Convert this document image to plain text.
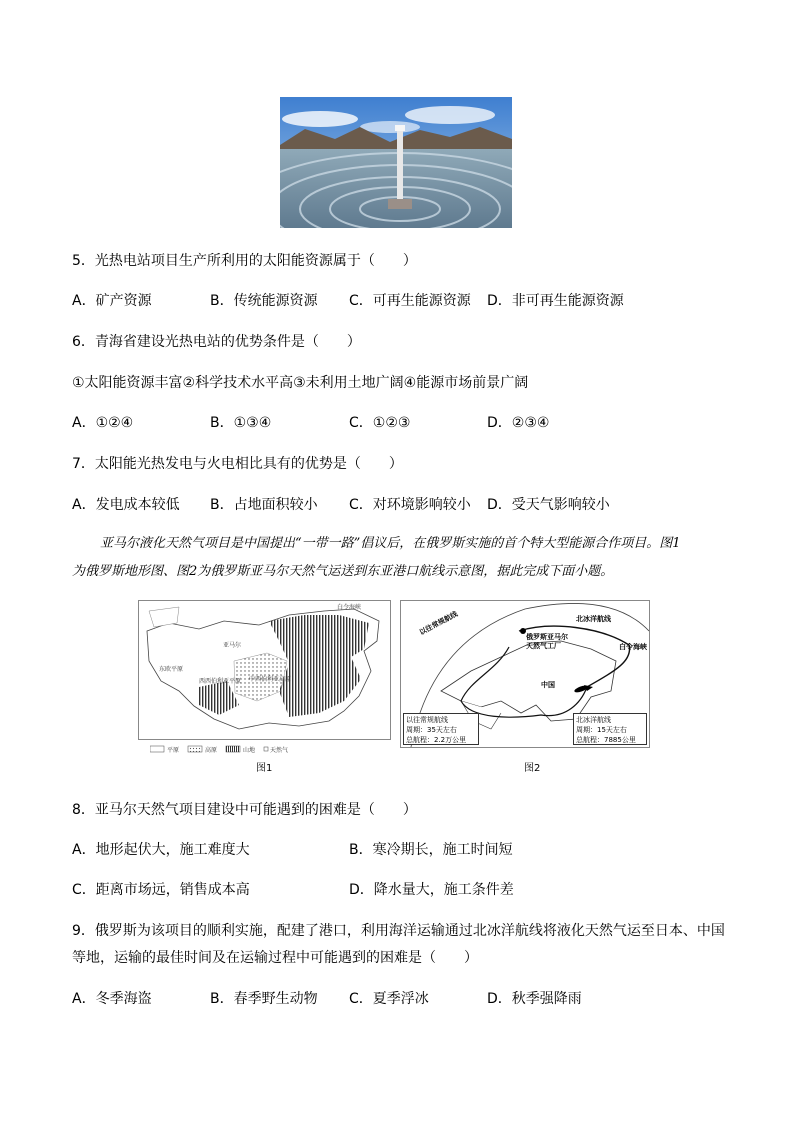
5．光热电站项目生产所利用的太阳能资源属于（　　）
A．矿产资源	B．传统能源资源 C．可再生能源资源 D．非可再生能源资源
6．青海省建设光热电站的优势条件是（　　）
①太阳能资源丰富②科学技术水平高③未利用土地广阔④能源市场前景广阔
A．①②④	B．①③④	C．①②③	D．②③④
7．太阳能光热发电与火电相比具有的优势是（　　）
A．发电成本较低 B．占地面积较小 C．对环境影响较小 D．受天气影响较小
亚马尔液化天然气项目是中国提出“一带一路”倡议后，在俄罗斯实施的首个特大型能源合作项目。图1
为俄罗斯地形图、图2为俄罗斯亚马尔天然气运送到东亚港口航线示意图，据此完成下面小题。
白令海峡
亚马尔
东欧平原
西西伯利亚平原 中西伯利亚高原
平原	高原	山地 天然气
图1
以往常规航线	北冰洋航线
俄罗斯亚马尔
天然气工厂	白令海峡
中国
以往常规航线
周期：35天左右
总航程：2.2万公里
北冰洋航线
周期：15天左右
总航程：7885公里
图2
8．亚马尔天然气项目建设中可能遇到的困难是（　　）
A．地形起伏大，施工难度大	B．寒冷期长，施工时间短
C．距离市场远，销售成本高	D．降水量大，施工条件差
9．俄罗斯为该项目的顺利实施，配建了港口，利用海洋运输通过北冰洋航线将液化天然气运至日本、中国
等地，运输的最佳时间及在运输过程中可能遇到的困难是（　　）
A．冬季海盗	B．春季野生动物 C．夏季浮冰	D．秋季强降雨
